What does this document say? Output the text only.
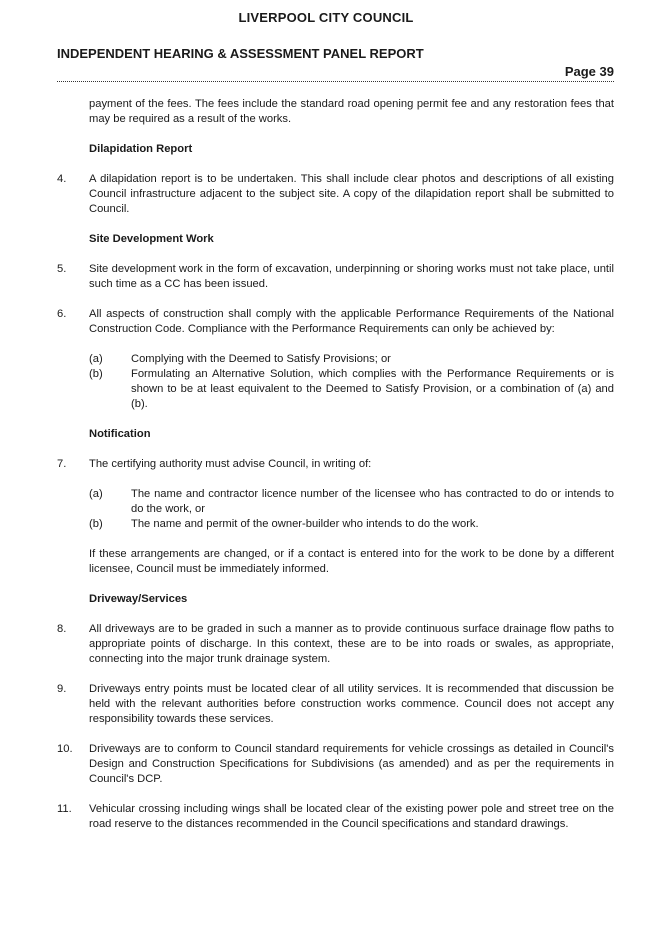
LIVERPOOL CITY COUNCIL
INDEPENDENT HEARING & ASSESSMENT PANEL REPORT
Page 39

payment of the fees. The fees include the standard road opening permit fee and any restoration fees that may be required as a result of the works.

Dilapidation Report
4. A dilapidation report is to be undertaken. This shall include clear photos and descriptions of all existing Council infrastructure adjacent to the subject site. A copy of the dilapidation report shall be submitted to Council.
Site Development Work
5. Site development work in the form of excavation, underpinning or shoring works must not take place, until such time as a CC has been issued.
6. All aspects of construction shall comply with the applicable Performance Requirements of the National Construction Code. Compliance with the Performance Requirements can only be achieved by:
(a)	Complying with the Deemed to Satisfy Provisions; or
(b)	Formulating an Alternative Solution, which complies with the Performance Requirements or is shown to be at least equivalent to the Deemed to Satisfy Provision, or a combination of (a) and (b).
Notification
7. The certifying authority must advise Council, in writing of:
(a)	The name and contractor licence number of the licensee who has contracted to do or intends to do the work, or
(b)	The name and permit of the owner-builder who intends to do the work.

If these arrangements are changed, or if a contact is entered into for the work to be done by a different licensee, Council must be immediately informed.

Driveway/Services
8. All driveways are to be graded in such a manner as to provide continuous surface drainage flow paths to appropriate points of discharge. In this context, these are to be into roads or swales, as appropriate, connecting into the major trunk drainage system.
9. Driveways entry points must be located clear of all utility services. It is recommended that discussion be held with the relevant authorities before construction works commence. Council does not accept any responsibility towards these services.
10. Driveways are to conform to Council standard requirements for vehicle crossings as detailed in Council's Design and Construction Specifications for Subdivisions (as amended) and as per the requirements in Council's DCP.
11. Vehicular crossing including wings shall be located clear of the existing power pole and street tree on the road reserve to the distances recommended in the Council specifications and standard drawings.
